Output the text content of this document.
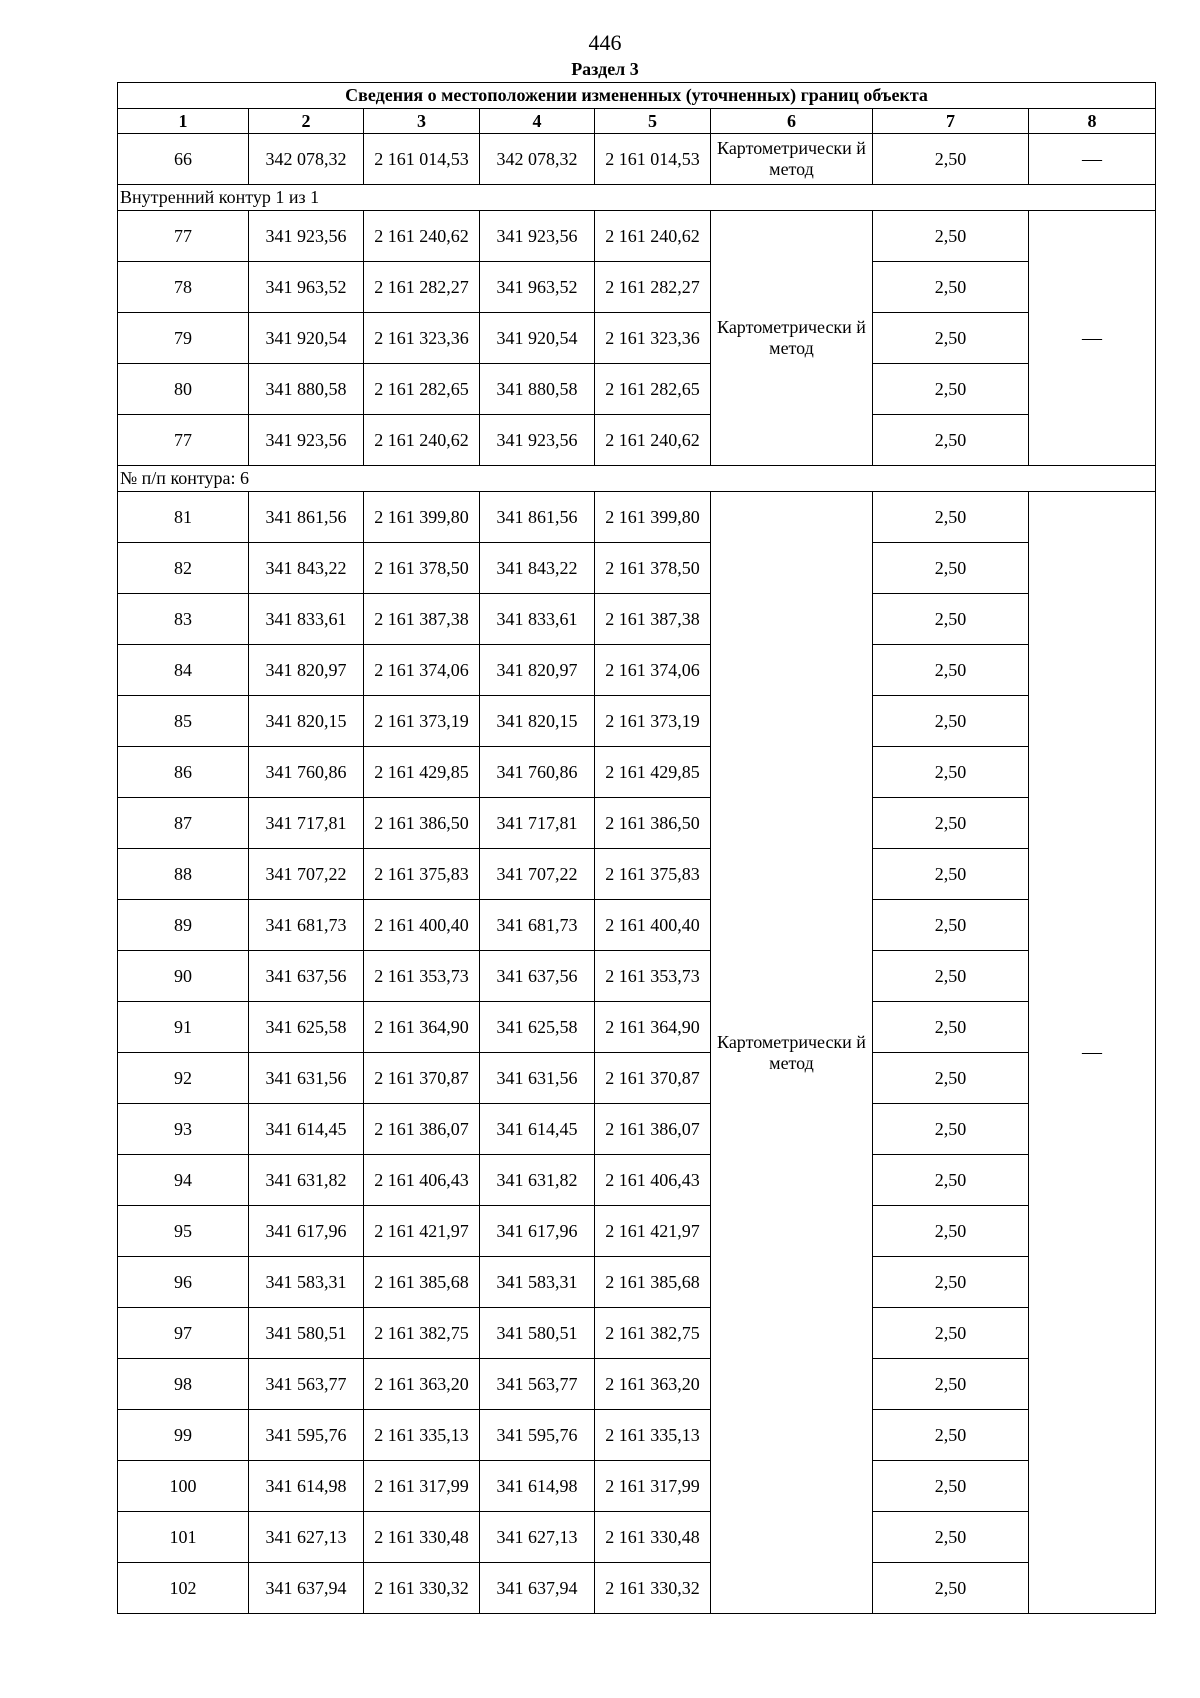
446
Раздел 3
Сведения о местоположении измененных (уточненных) границ объекта							
1	2	3	4	5	6	7	8
66	342 078,32	2 161 014,53	342 078,32	2 161 014,53	Картометрически й метод	2,50	—
Внутренний контур 1 из 1							
77	341 923,56	2 161 240,62	341 923,56	2 161 240,62	Картометрически й метод	2,50	—
78	341 963,52	2 161 282,27	341 963,52	2 161 282,27		2,50	
79	341 920,54	2 161 323,36	341 920,54	2 161 323,36		2,50	
80	341 880,58	2 161 282,65	341 880,58	2 161 282,65		2,50	
77	341 923,56	2 161 240,62	341 923,56	2 161 240,62		2,50	
№ п/п контура: 6							
81	341 861,56	2 161 399,80	341 861,56	2 161 399,80	Картометрически й метод	2,50	—
82	341 843,22	2 161 378,50	341 843,22	2 161 378,50		2,50	
83	341 833,61	2 161 387,38	341 833,61	2 161 387,38		2,50	
84	341 820,97	2 161 374,06	341 820,97	2 161 374,06		2,50	
85	341 820,15	2 161 373,19	341 820,15	2 161 373,19		2,50	
86	341 760,86	2 161 429,85	341 760,86	2 161 429,85		2,50	
87	341 717,81	2 161 386,50	341 717,81	2 161 386,50		2,50	
88	341 707,22	2 161 375,83	341 707,22	2 161 375,83		2,50	
89	341 681,73	2 161 400,40	341 681,73	2 161 400,40		2,50	
90	341 637,56	2 161 353,73	341 637,56	2 161 353,73		2,50	
91	341 625,58	2 161 364,90	341 625,58	2 161 364,90		2,50	
92	341 631,56	2 161 370,87	341 631,56	2 161 370,87		2,50	
93	341 614,45	2 161 386,07	341 614,45	2 161 386,07		2,50	
94	341 631,82	2 161 406,43	341 631,82	2 161 406,43		2,50	
95	341 617,96	2 161 421,97	341 617,96	2 161 421,97		2,50	
96	341 583,31	2 161 385,68	341 583,31	2 161 385,68		2,50	
97	341 580,51	2 161 382,75	341 580,51	2 161 382,75		2,50	
98	341 563,77	2 161 363,20	341 563,77	2 161 363,20		2,50	
99	341 595,76	2 161 335,13	341 595,76	2 161 335,13		2,50	
100	341 614,98	2 161 317,99	341 614,98	2 161 317,99		2,50	
101	341 627,13	2 161 330,48	341 627,13	2 161 330,48		2,50	
102	341 637,94	2 161 330,32	341 637,94	2 161 330,32		2,50	
